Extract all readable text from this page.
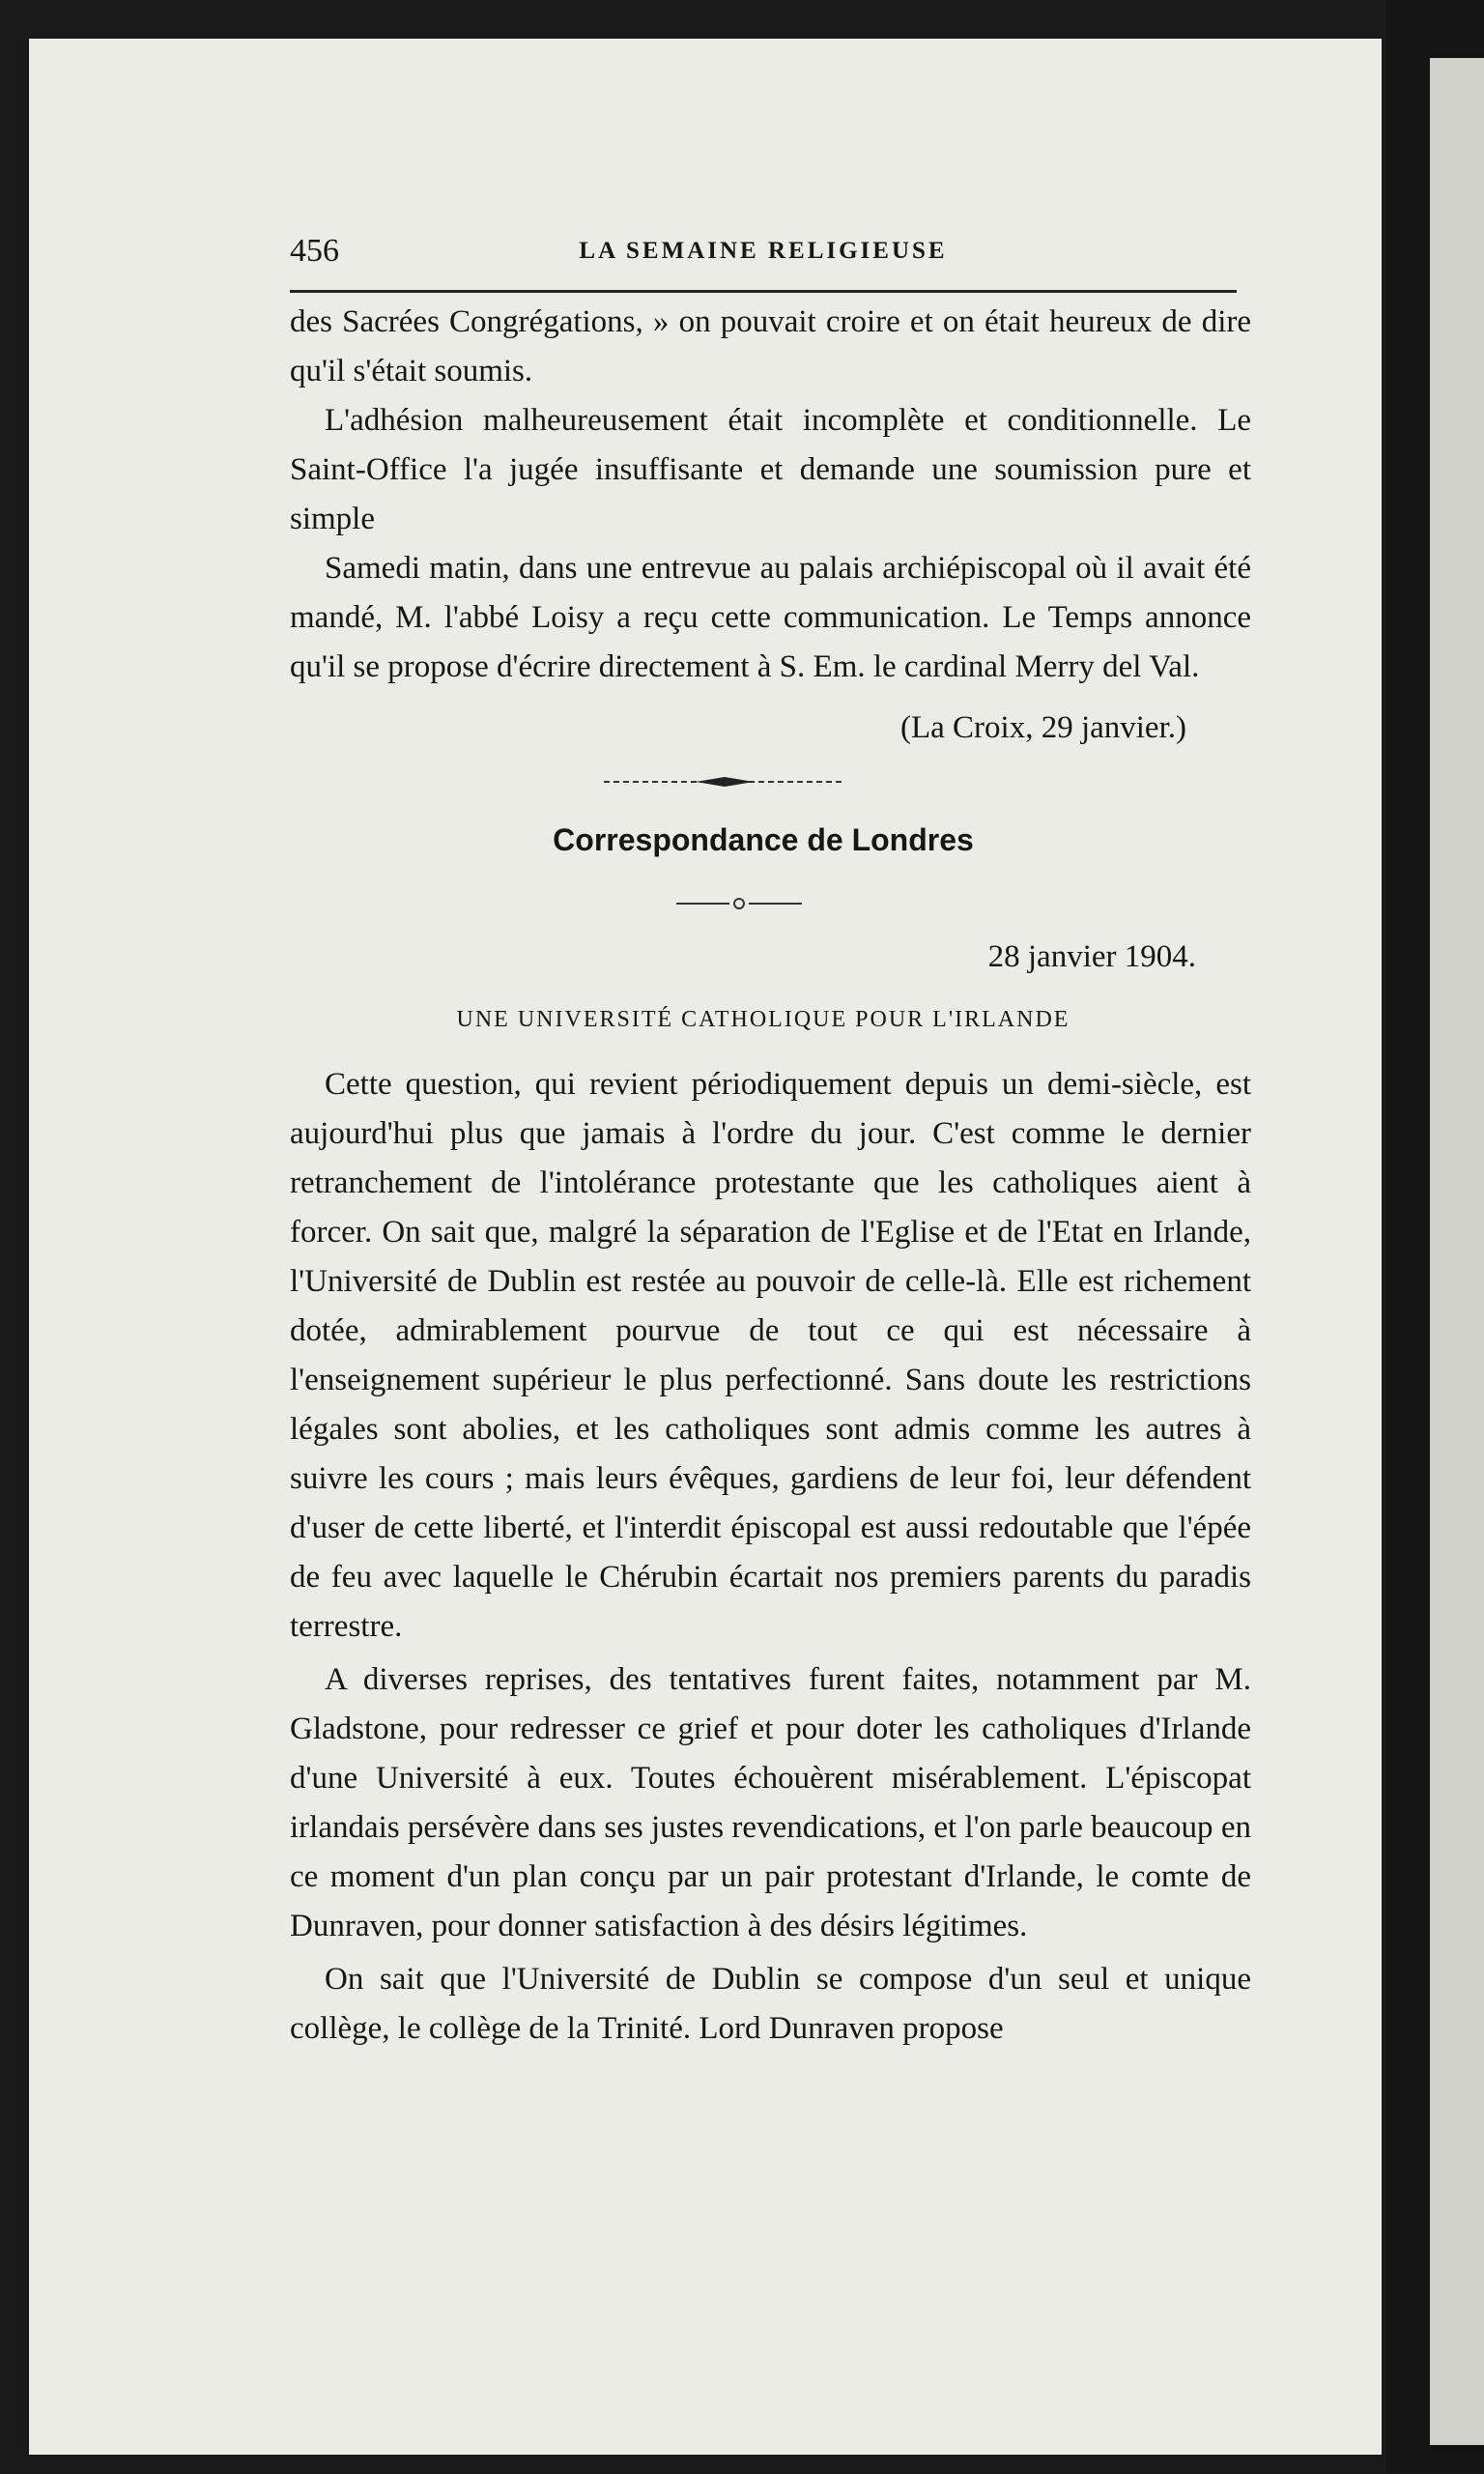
456	LA SEMAINE RELIGIEUSE

des Sacrées Congrégations, » on pouvait croire et on était heureux de dire qu'il s'était soumis.

L'adhésion malheureusement était incomplète et conditionnelle. Le Saint-Office l'a jugée insuffisante et demande une soumission pure et simple

Samedi matin, dans une entrevue au palais archiépiscopal où il avait été mandé, M. l'abbé Loisy a reçu cette communication. Le Temps annonce qu'il se propose d'écrire directement à S. Em. le cardinal Merry del Val.

(La Croix, 29 janvier.)
Correspondance de Londres
28 janvier 1904.
UNE UNIVERSITÉ CATHOLIQUE POUR L'IRLANDE

Cette question, qui revient périodiquement depuis un demi-siècle, est aujourd'hui plus que jamais à l'ordre du jour. C'est comme le dernier retranchement de l'intolérance protestante que les catholiques aient à forcer. On sait que, malgré la séparation de l'Eglise et de l'Etat en Irlande, l'Université de Dublin est restée au pouvoir de celle-là. Elle est richement dotée, admirablement pourvue de tout ce qui est nécessaire à l'enseignement supérieur le plus perfectionné. Sans doute les restrictions légales sont abolies, et les catholiques sont admis comme les autres à suivre les cours ; mais leurs évêques, gardiens de leur foi, leur défendent d'user de cette liberté, et l'interdit épiscopal est aussi redoutable que l'épée de feu avec laquelle le Chérubin écartait nos premiers parents du paradis terrestre.

A diverses reprises, des tentatives furent faites, notamment par M. Gladstone, pour redresser ce grief et pour doter les catholiques d'Irlande d'une Université à eux. Toutes échouèrent misérablement. L'épiscopat irlandais persévère dans ses justes revendications, et l'on parle beaucoup en ce moment d'un plan conçu par un pair protestant d'Irlande, le comte de Dunraven, pour donner satisfaction à des désirs légitimes.

On sait que l'Université de Dublin se compose d'un seul et unique collège, le collège de la Trinité. Lord Dunraven propose
